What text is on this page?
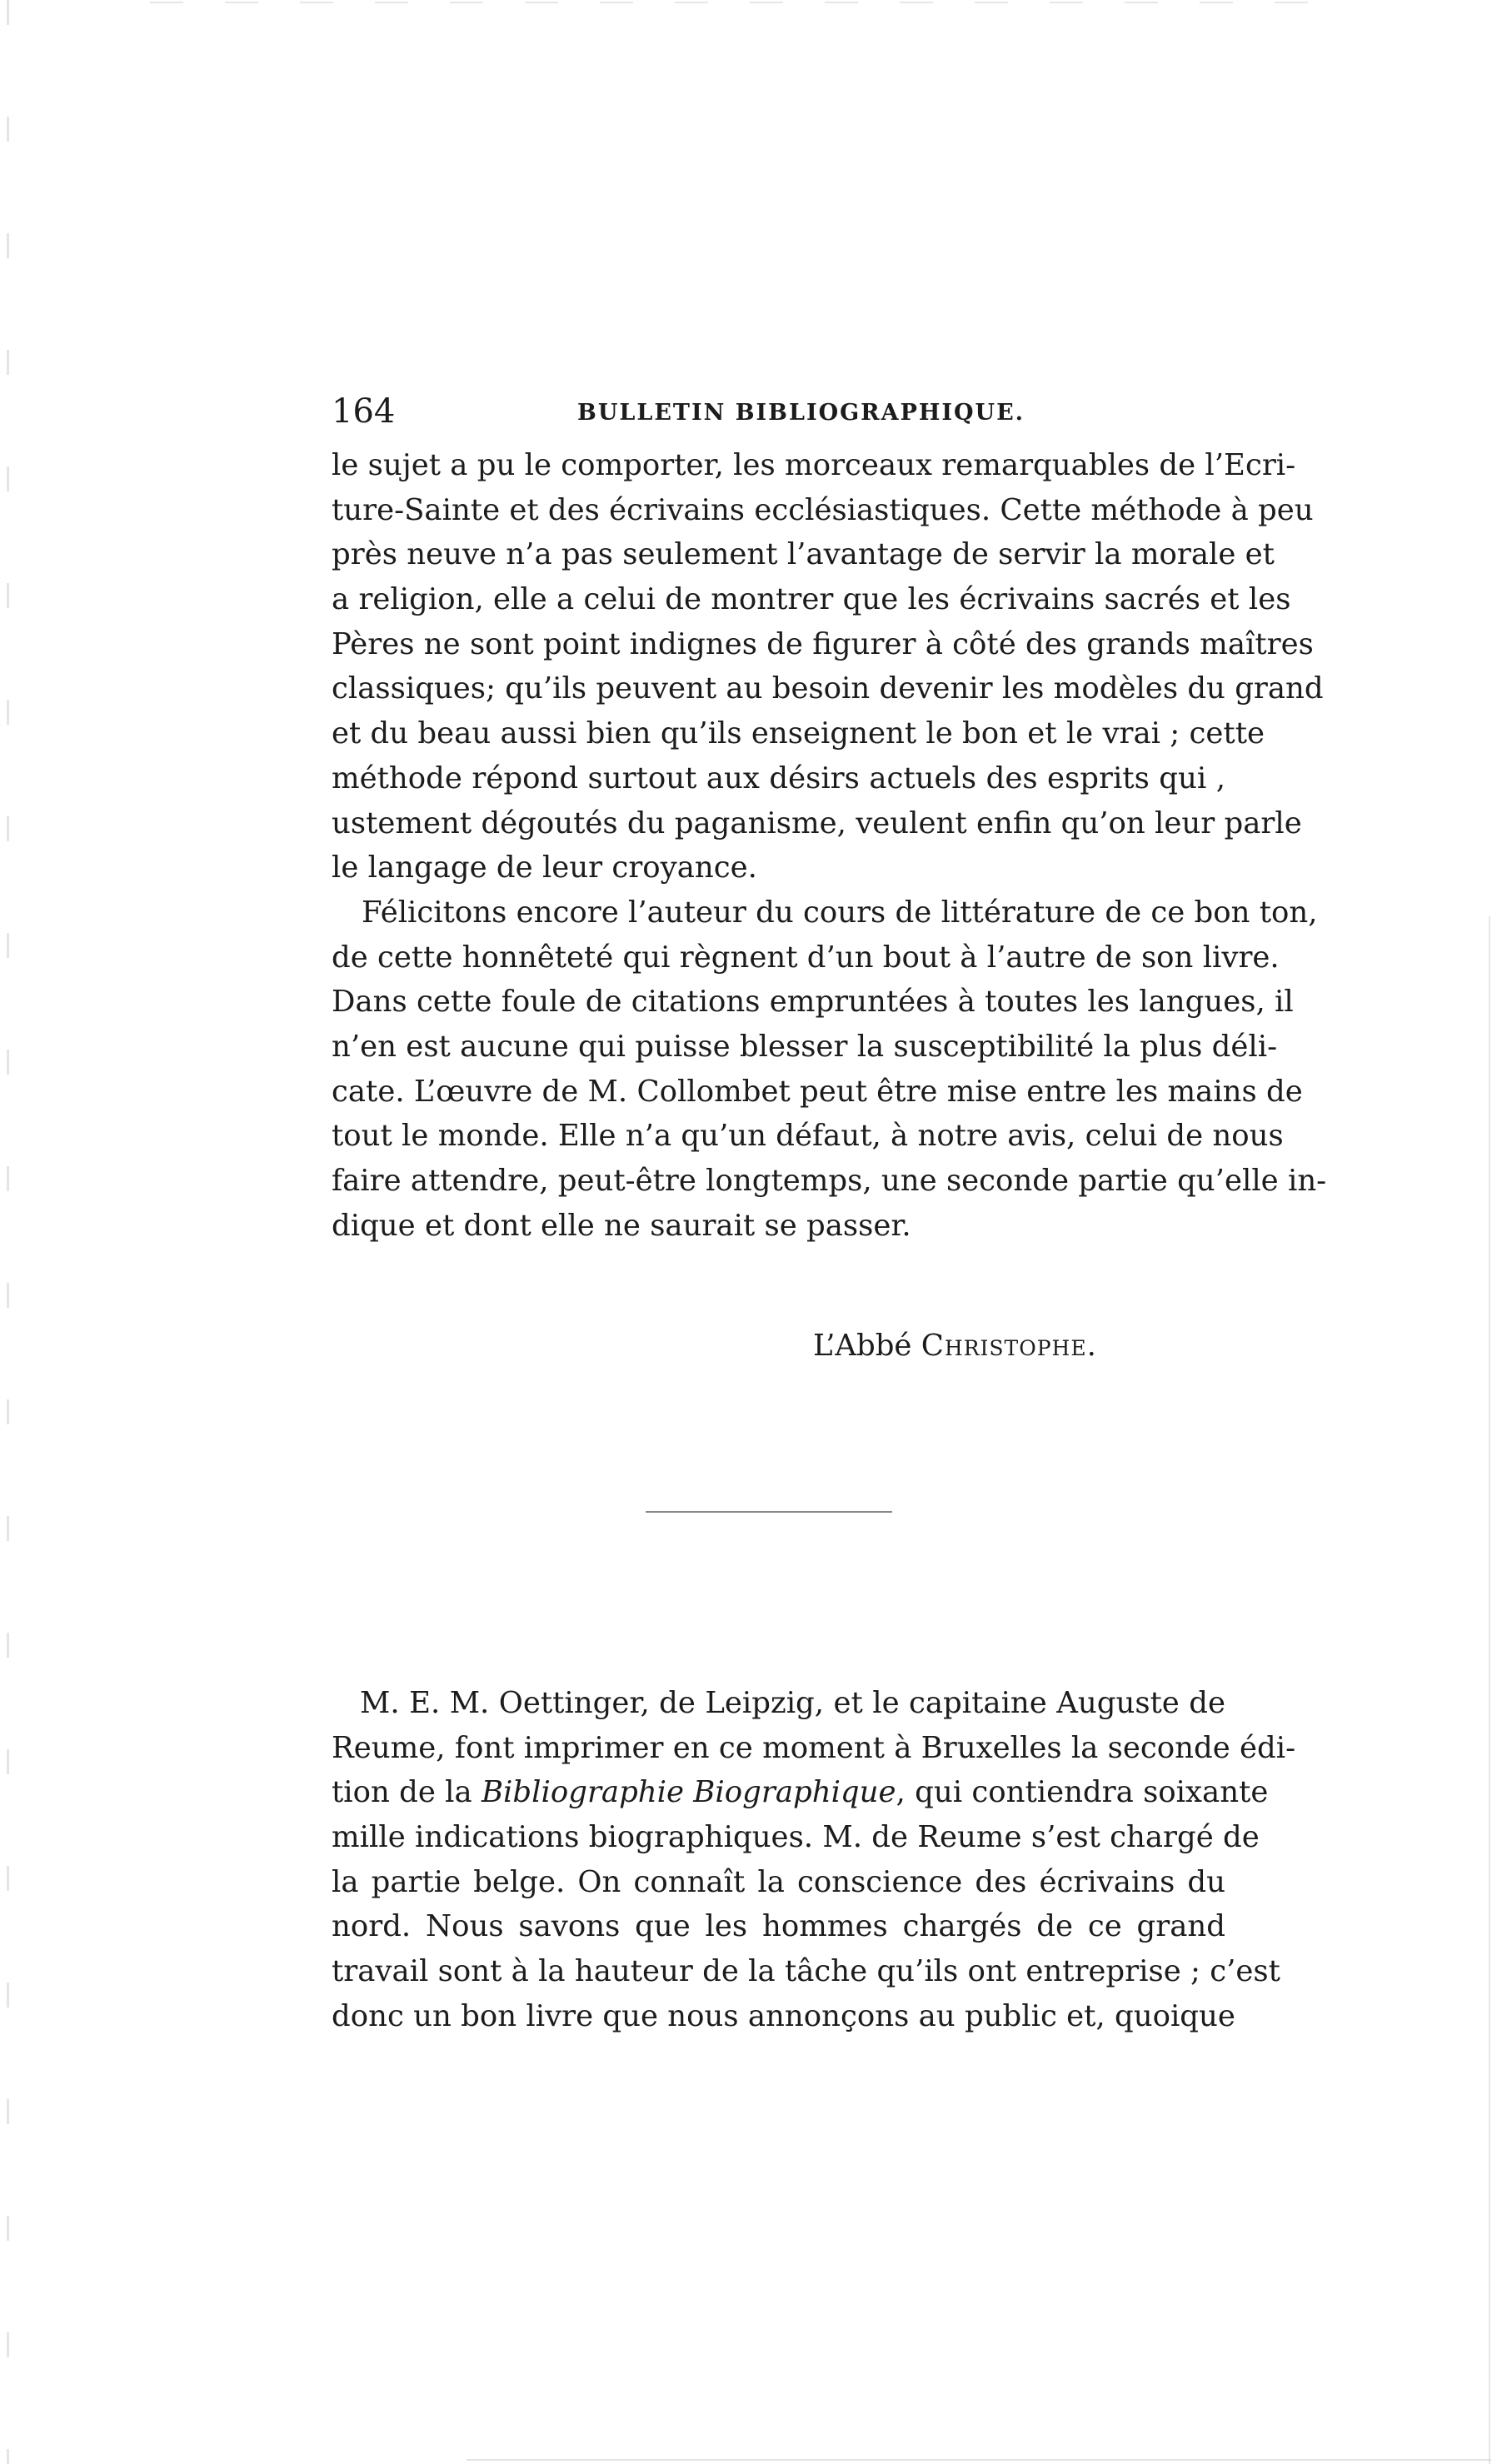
164	BULLETIN BIBLIOGRAPHIQUE.
le sujet a pu le comporter, les morceaux remarquables de l’Ecri-
ture-Sainte et des écrivains ecclésiastiques. Cette méthode à peu
près neuve n’a pas seulement l’avantage de servir la morale et
a religion, elle a celui de montrer que les écrivains sacrés et les
Pères ne sont point indignes de figurer à côté des grands maîtres
classiques; qu’ils peuvent au besoin devenir les modèles du grand
et du beau aussi bien qu’ils enseignent le bon et le vrai ; cette
méthode répond surtout aux désirs actuels des esprits qui ,
ustement dégoutés du paganisme, veulent enfin qu’on leur parle
le langage de leur croyance.
Félicitons encore l’auteur du cours de littérature de ce bon ton,
de cette honnêteté qui règnent d’un bout à l’autre de son livre.
Dans cette foule de citations empruntées à toutes les langues, il
n’en est aucune qui puisse blesser la susceptibilité la plus déli-
cate. L’œuvre de M. Collombet peut être mise entre les mains de
tout le monde. Elle n’a qu’un défaut, à notre avis, celui de nous
faire attendre, peut-être longtemps, une seconde partie qu’elle in-
dique et dont elle ne saurait se passer.
L’Abbé Christophe.
M. E. M. Oettinger, de Leipzig, et le capitaine Auguste de
Reume, font imprimer en ce moment à Bruxelles la seconde édi-
tion de la Bibliographie Biographique, qui contiendra soixante
mille indications biographiques. M. de Reume s’est chargé de
la partie belge. On connaît la conscience des écrivains du
nord. Nous savons que les hommes chargés de ce grand
travail sont à la hauteur de la tâche qu’ils ont entreprise ; c’est
donc un bon livre que nous annonçons au public et, quoique
